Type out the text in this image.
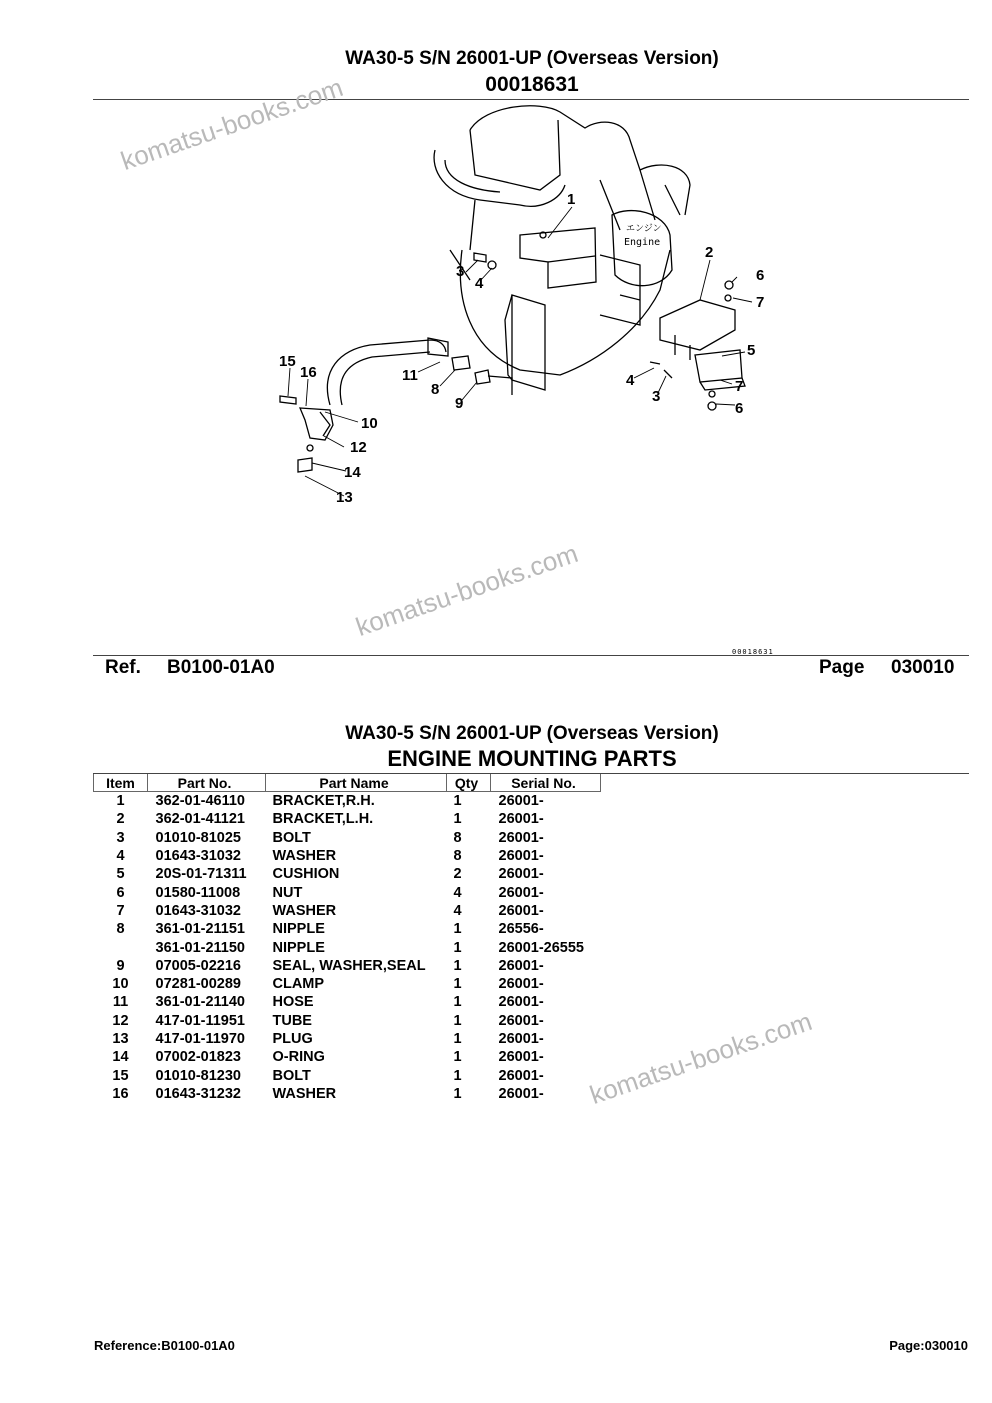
WA30-5 S/N 26001-UP (Overseas Version)
00018631
エンジン
Engine
1
2
3
4	6
7
5
4
3
7
6
15
16	11
8
9
10
12
14
13
00018631
Ref. B0100-01A0	Page 030010
komatsu-books.com
komatsu-books.com
komatsu-books.com
WA30-5 S/N 26001-UP (Overseas Version)
ENGINE MOUNTING PARTS
Item	Part No.	Part Name	Qty	Serial No.
1	362-01-46110	BRACKET,R.H.	1	26001-
2	362-01-41121	BRACKET,L.H.	1	26001-
3	01010-81025	BOLT	8	26001-
4	01643-31032	WASHER	8	26001-
5	20S-01-71311	CUSHION	2	26001-
6	01580-11008	NUT	4	26001-
7	01643-31032	WASHER	4	26001-
8	361-01-21151	NIPPLE	1	26556-
	361-01-21150	NIPPLE	1	26001-26555
9	07005-02216	SEAL, WASHER,SEAL	1	26001-
10	07281-00289	CLAMP	1	26001-
11	361-01-21140	HOSE	1	26001-
12	417-01-11951	TUBE	1	26001-
13	417-01-11970	PLUG	1	26001-
14	07002-01823	O-RING	1	26001-
15	01010-81230	BOLT	1	26001-
16	01643-31232	WASHER	1	26001-
Reference:B0100-01A0	Page:030010
